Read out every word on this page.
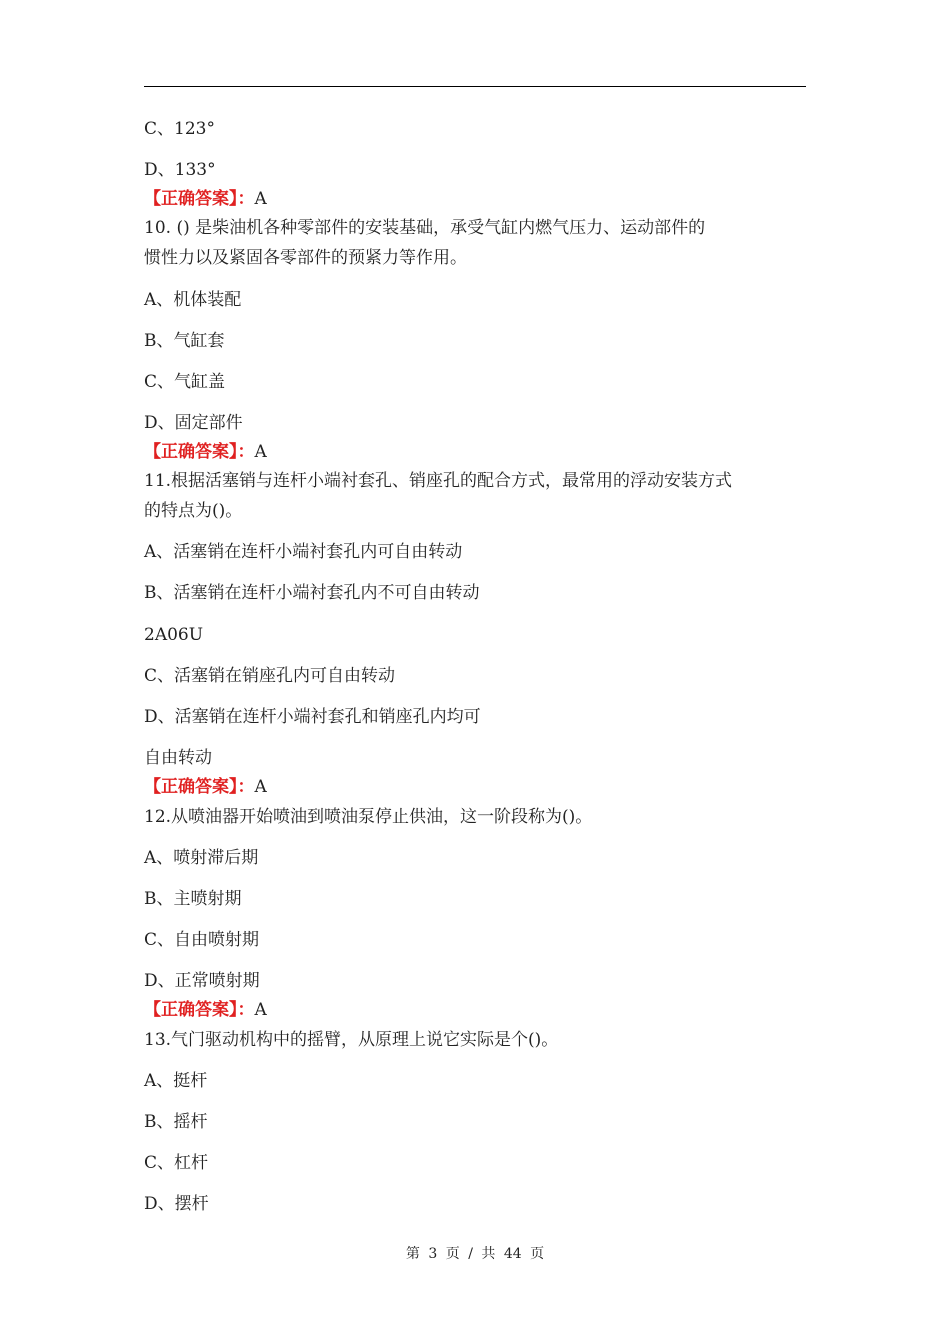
C、123°
D、133°
【正确答案】：A
10. () 是柴油机各种零部件的安装基础，承受气缸内燃气压力、运动部件的
惯性力以及紧固各零部件的预紧力等作用。
A、机体装配
B、气缸套
C、气缸盖
D、固定部件
【正确答案】：A
11.根据活塞销与连杆小端衬套孔、销座孔的配合方式，最常用的浮动安装方式
的特点为()。
A、活塞销在连杆小端衬套孔内可自由转动
B、活塞销在连杆小端衬套孔内不可自由转动
2A06U
C、活塞销在销座孔内可自由转动
D、活塞销在连杆小端衬套孔和销座孔内均可
自由转动
【正确答案】：A
12.从喷油器开始喷油到喷油泵停止供油，这一阶段称为()。
A、喷射滞后期
B、主喷射期
C、自由喷射期
D、正常喷射期
【正确答案】：A
13.气门驱动机构中的摇臂，从原理上说它实际是个()。
A、挺杆
B、摇杆
C、杠杆
D、摆杆
第 3 页 / 共 44 页
